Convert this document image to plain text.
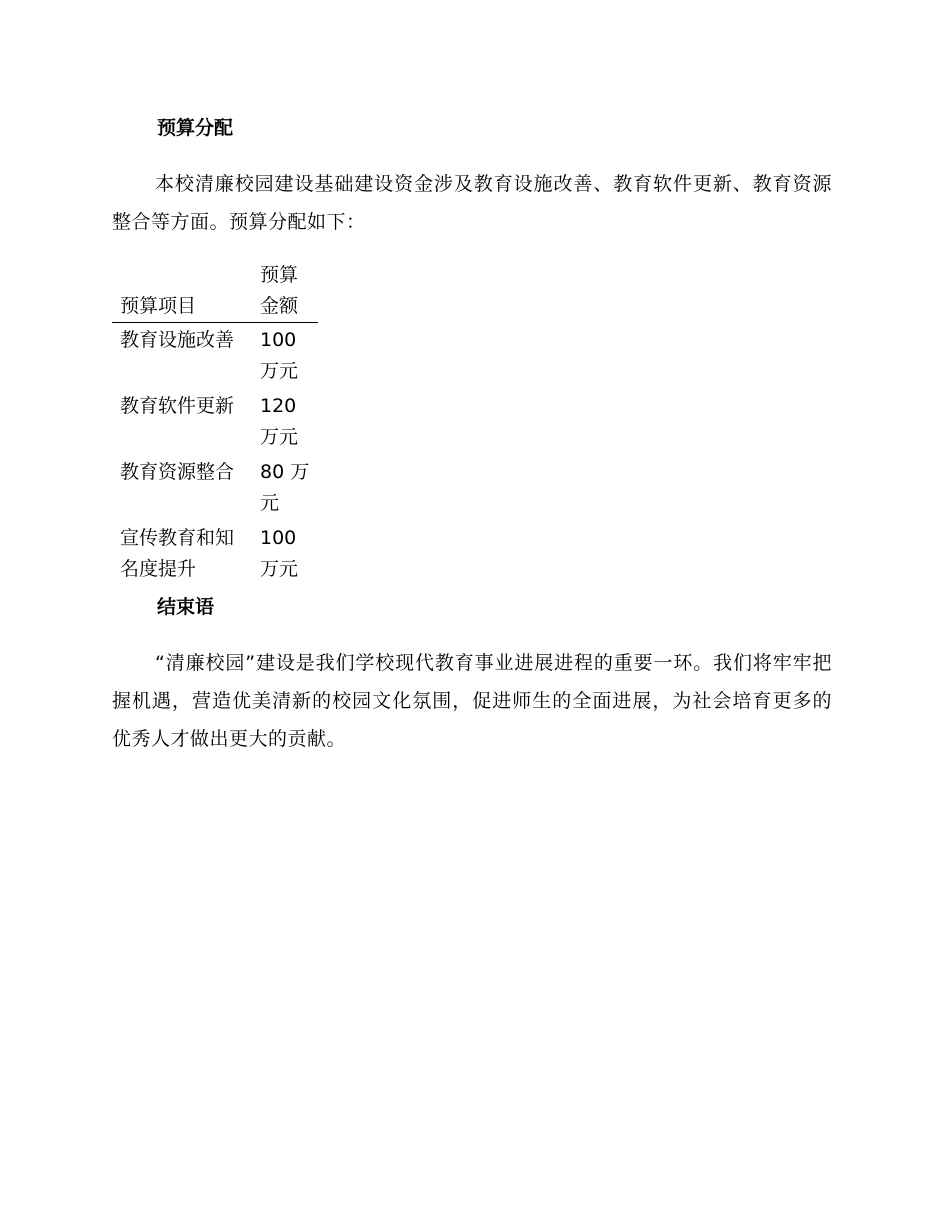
预算分配

本校清廉校园建设基础建设资金涉及教育设施改善、教育软件更新、教育资源整合等方面。预算分配如下：

预算项目	预算金额
教育设施改善	100 万元
教育软件更新	120 万元
教育资源整合	80 万元
宣传教育和知名度提升	100 万元
结束语

“清廉校园”建设是我们学校现代教育事业进展进程的重要一环。我们将牢牢把握机遇，营造优美清新的校园文化氛围，促进师生的全面进展，为社会培育更多的优秀人才做出更大的贡献。
